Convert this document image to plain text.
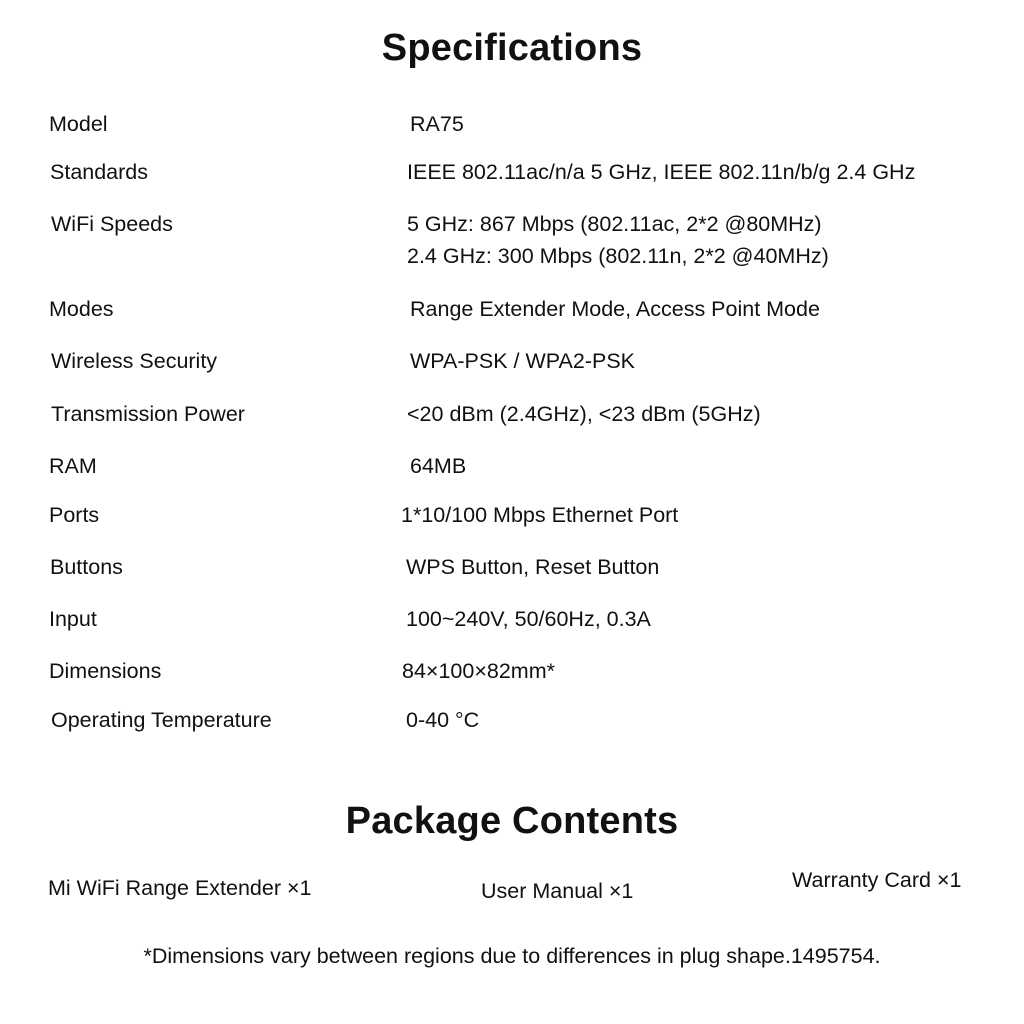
Specifications
Model	RA75
Standards	IEEE 802.11ac/n/a 5 GHz, IEEE 802.11n/b/g 2.4 GHz
WiFi Speeds	5 GHz: 867 Mbps (802.11ac, 2*2 @80MHz)
2.4 GHz: 300 Mbps (802.11n, 2*2 @40MHz)
Modes	Range Extender Mode, Access Point Mode
Wireless Security	WPA-PSK / WPA2-PSK
Transmission Power	<20 dBm (2.4GHz), <23 dBm (5GHz)
RAM	64MB
Ports	1*10/100 Mbps Ethernet Port
Buttons	WPS Button, Reset Button
Input	100~240V, 50/60Hz, 0.3A
Dimensions	84×100×82mm*
Operating Temperature	0-40 °C
Package Contents
Mi WiFi Range Extender ×1	User Manual ×1	Warranty Card ×1
*Dimensions vary between regions due to differences in plug shape.1495754.
